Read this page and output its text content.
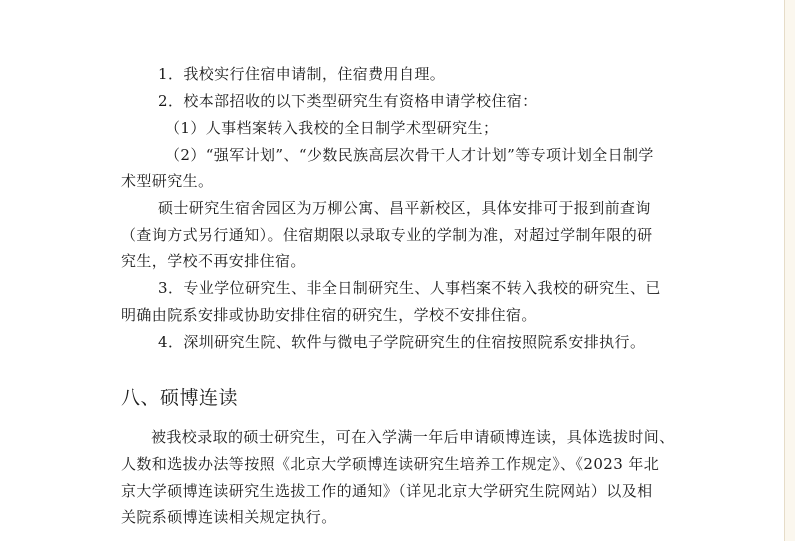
1．我校实行住宿申请制，住宿费用自理。
2．校本部招收的以下类型研究生有资格申请学校住宿：
（1）人事档案转入我校的全日制学术型研究生；
（2）“强军计划”、“少数民族高层次骨干人才计划”等专项计划全日制学
术型研究生。
硕士研究生宿舍园区为万柳公寓、昌平新校区，具体安排可于报到前查询
（查询方式另行通知）。住宿期限以录取专业的学制为准，对超过学制年限的研
究生，学校不再安排住宿。
3．专业学位研究生、非全日制研究生、人事档案不转入我校的研究生、已
明确由院系安排或协助安排住宿的研究生，学校不安排住宿。
4．深圳研究生院、软件与微电子学院研究生的住宿按照院系安排执行。
八、硕博连读
被我校录取的硕士研究生，可在入学满一年后申请硕博连读，具体选拔时间、
人数和选拔办法等按照《北京大学硕博连读研究生培养工作规定》、《2023 年北
京大学硕博连读研究生选拔工作的通知》（详见北京大学研究生院网站）以及相
关院系硕博连读相关规定执行。
